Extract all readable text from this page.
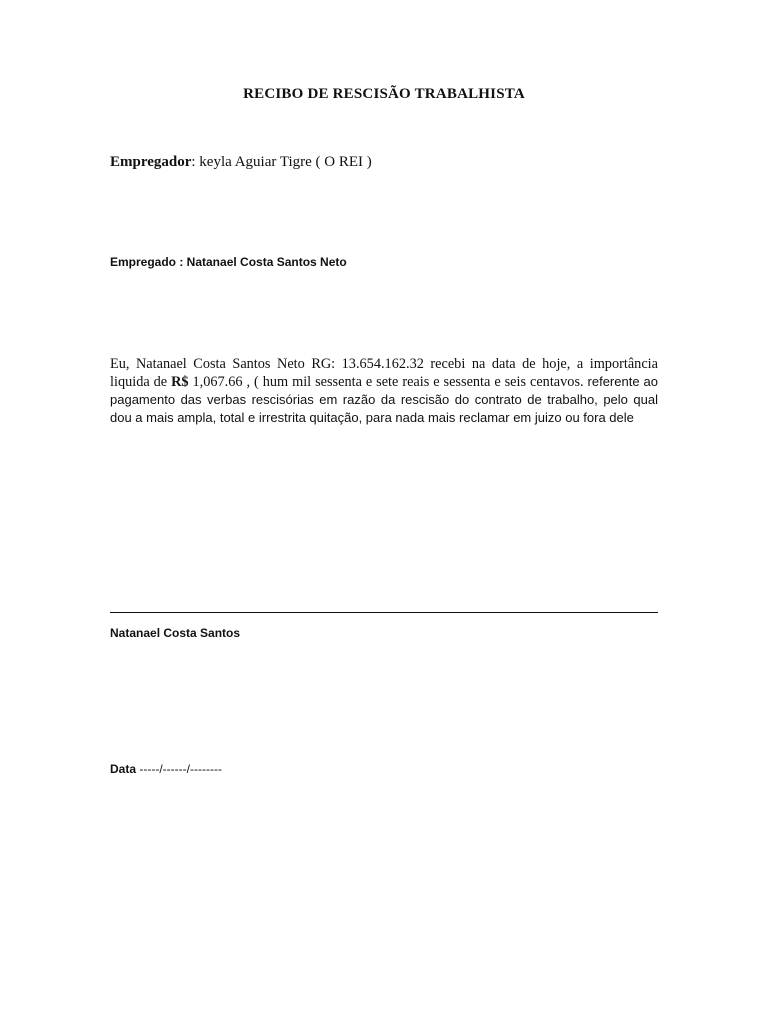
RECIBO DE RESCISÃO TRABALHISTA
Empregador: keyla Aguiar Tigre ( O REI )
Empregado : Natanael Costa Santos Neto
Eu, Natanael Costa Santos Neto RG: 13.654.162.32 recebi na data de hoje, a importância liquida de R$ 1,067.66 , ( hum mil sessenta e sete reais e sessenta e seis centavos. referente ao pagamento das verbas rescisórias em razão da rescisão do contrato de trabalho, pelo qual dou a mais ampla, total e irrestrita quitação, para nada mais reclamar em juizo ou fora dele
Natanael Costa Santos
Data -----/------/--------
